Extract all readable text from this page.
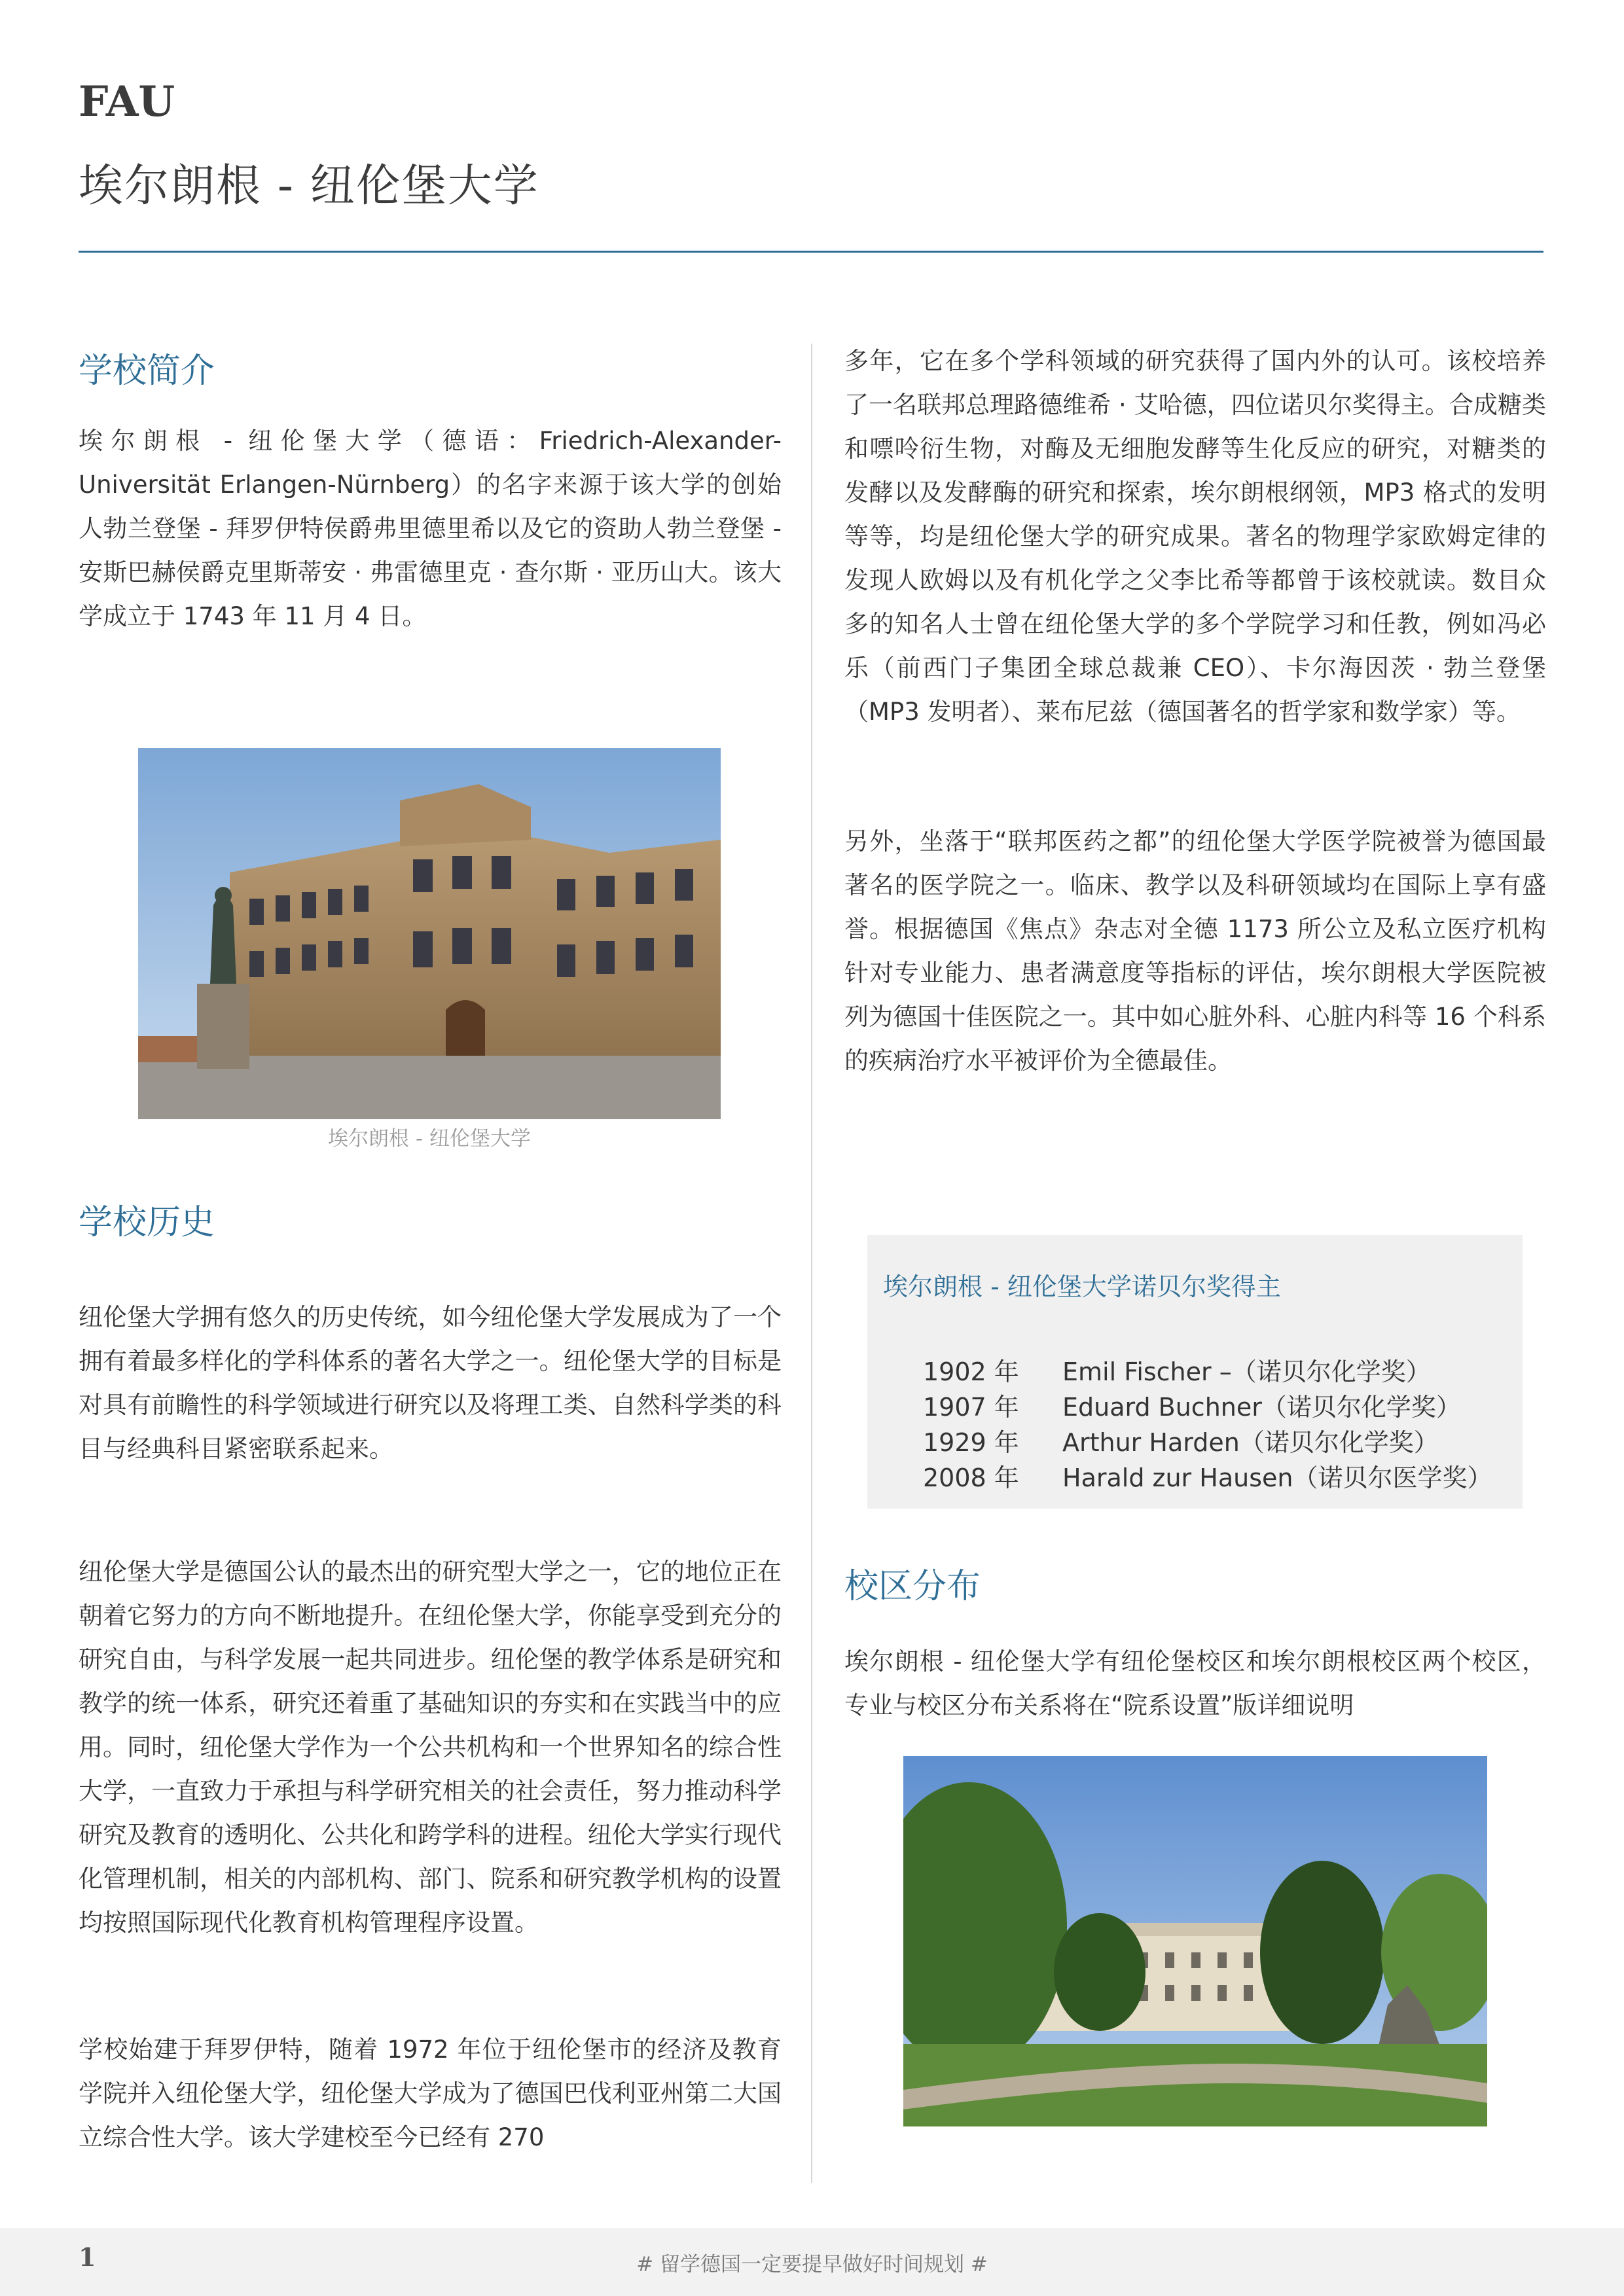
FAU
埃尔朗根 - 纽伦堡大学
学校简介
埃尔朗根 - 纽伦堡大学（德语：Friedrich-Alexander-Universität Erlangen-Nürnberg）的名字来源于该大学的创始人勃兰登堡 - 拜罗伊特侯爵弗里德里希以及它的资助人勃兰登堡 - 安斯巴赫侯爵克里斯蒂安 · 弗雷德里克 · 查尔斯 · 亚历山大。该大学成立于 1743 年 11 月 4 日。
埃尔朗根 - 纽伦堡大学
学校历史
纽伦堡大学拥有悠久的历史传统，如今纽伦堡大学发展成为了一个拥有着最多样化的学科体系的著名大学之一。纽伦堡大学的目标是对具有前瞻性的科学领域进行研究以及将理工类、自然科学类的科目与经典科目紧密联系起来。
纽伦堡大学是德国公认的最杰出的研究型大学之一，它的地位正在朝着它努力的方向不断地提升。在纽伦堡大学，你能享受到充分的研究自由，与科学发展一起共同进步。纽伦堡的教学体系是研究和教学的统一体系，研究还着重了基础知识的夯实和在实践当中的应用。同时，纽伦堡大学作为一个公共机构和一个世界知名的综合性大学，一直致力于承担与科学研究相关的社会责任，努力推动科学研究及教育的透明化、公共化和跨学科的进程。纽伦大学实行现代化管理机制，相关的内部机构、部门、院系和研究教学机构的设置均按照国际现代化教育机构管理程序设置。
学校始建于拜罗伊特，随着 1972 年位于纽伦堡市的经济及教育学院并入纽伦堡大学，纽伦堡大学成为了德国巴伐利亚州第二大国立综合性大学。该大学建校至今已经有 270
多年，它在多个学科领域的研究获得了国内外的认可。该校培养了一名联邦总理路德维希 · 艾哈德，四位诺贝尔奖得主。合成糖类和嘌呤衍生物，对酶及无细胞发酵等生化反应的研究，对糖类的发酵以及发酵酶的研究和探索，埃尔朗根纲领，MP3 格式的发明等等，均是纽伦堡大学的研究成果。著名的物理学家欧姆定律的发现人欧姆以及有机化学之父李比希等都曾于该校就读。数目众多的知名人士曾在纽伦堡大学的多个学院学习和任教，例如冯必乐（前西门子集团全球总裁兼 CEO）、卡尔海因茨 · 勃兰登堡（MP3 发明者）、莱布尼兹（德国著名的哲学家和数学家）等。
另外，坐落于“联邦医药之都”的纽伦堡大学医学院被誉为德国最著名的医学院之一。临床、教学以及科研领域均在国际上享有盛誉。根据德国《焦点》杂志对全德 1173 所公立及私立医疗机构针对专业能力、患者满意度等指标的评估，埃尔朗根大学医院被列为德国十佳医院之一。其中如心脏外科、心脏内科等 16 个科系的疾病治疗水平被评价为全德最佳。
埃尔朗根 - 纽伦堡大学诺贝尔奖得主
1902 年 Emil Fischer –（诺贝尔化学奖）
1907 年 Eduard Buchner（诺贝尔化学奖）
1929 年 Arthur Harden（诺贝尔化学奖）
2008 年 Harald zur Hausen（诺贝尔医学奖）
校区分布
埃尔朗根 - 纽伦堡大学有纽伦堡校区和埃尔朗根校区两个校区，专业与校区分布关系将在“院系设置”版详细说明
1	# 留学德国一定要提早做好时间规划 #
